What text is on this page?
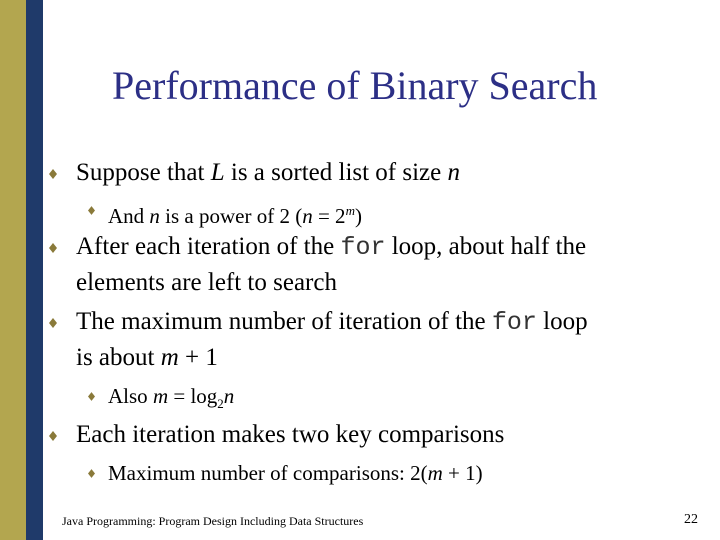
Performance of Binary Search
Suppose that L is a sorted list of size n
And n is a power of 2 $(n = 2^m)$
After each iteration of the for loop, about half the
elements are left to search
The maximum number of iteration of the for loop
is about m + 1
Also $m = \log_2n$
Each iteration makes two key comparisons
Maximum number of comparisons: 2(m + 1)
Java Programming: Program Design Including Data Structures	22
